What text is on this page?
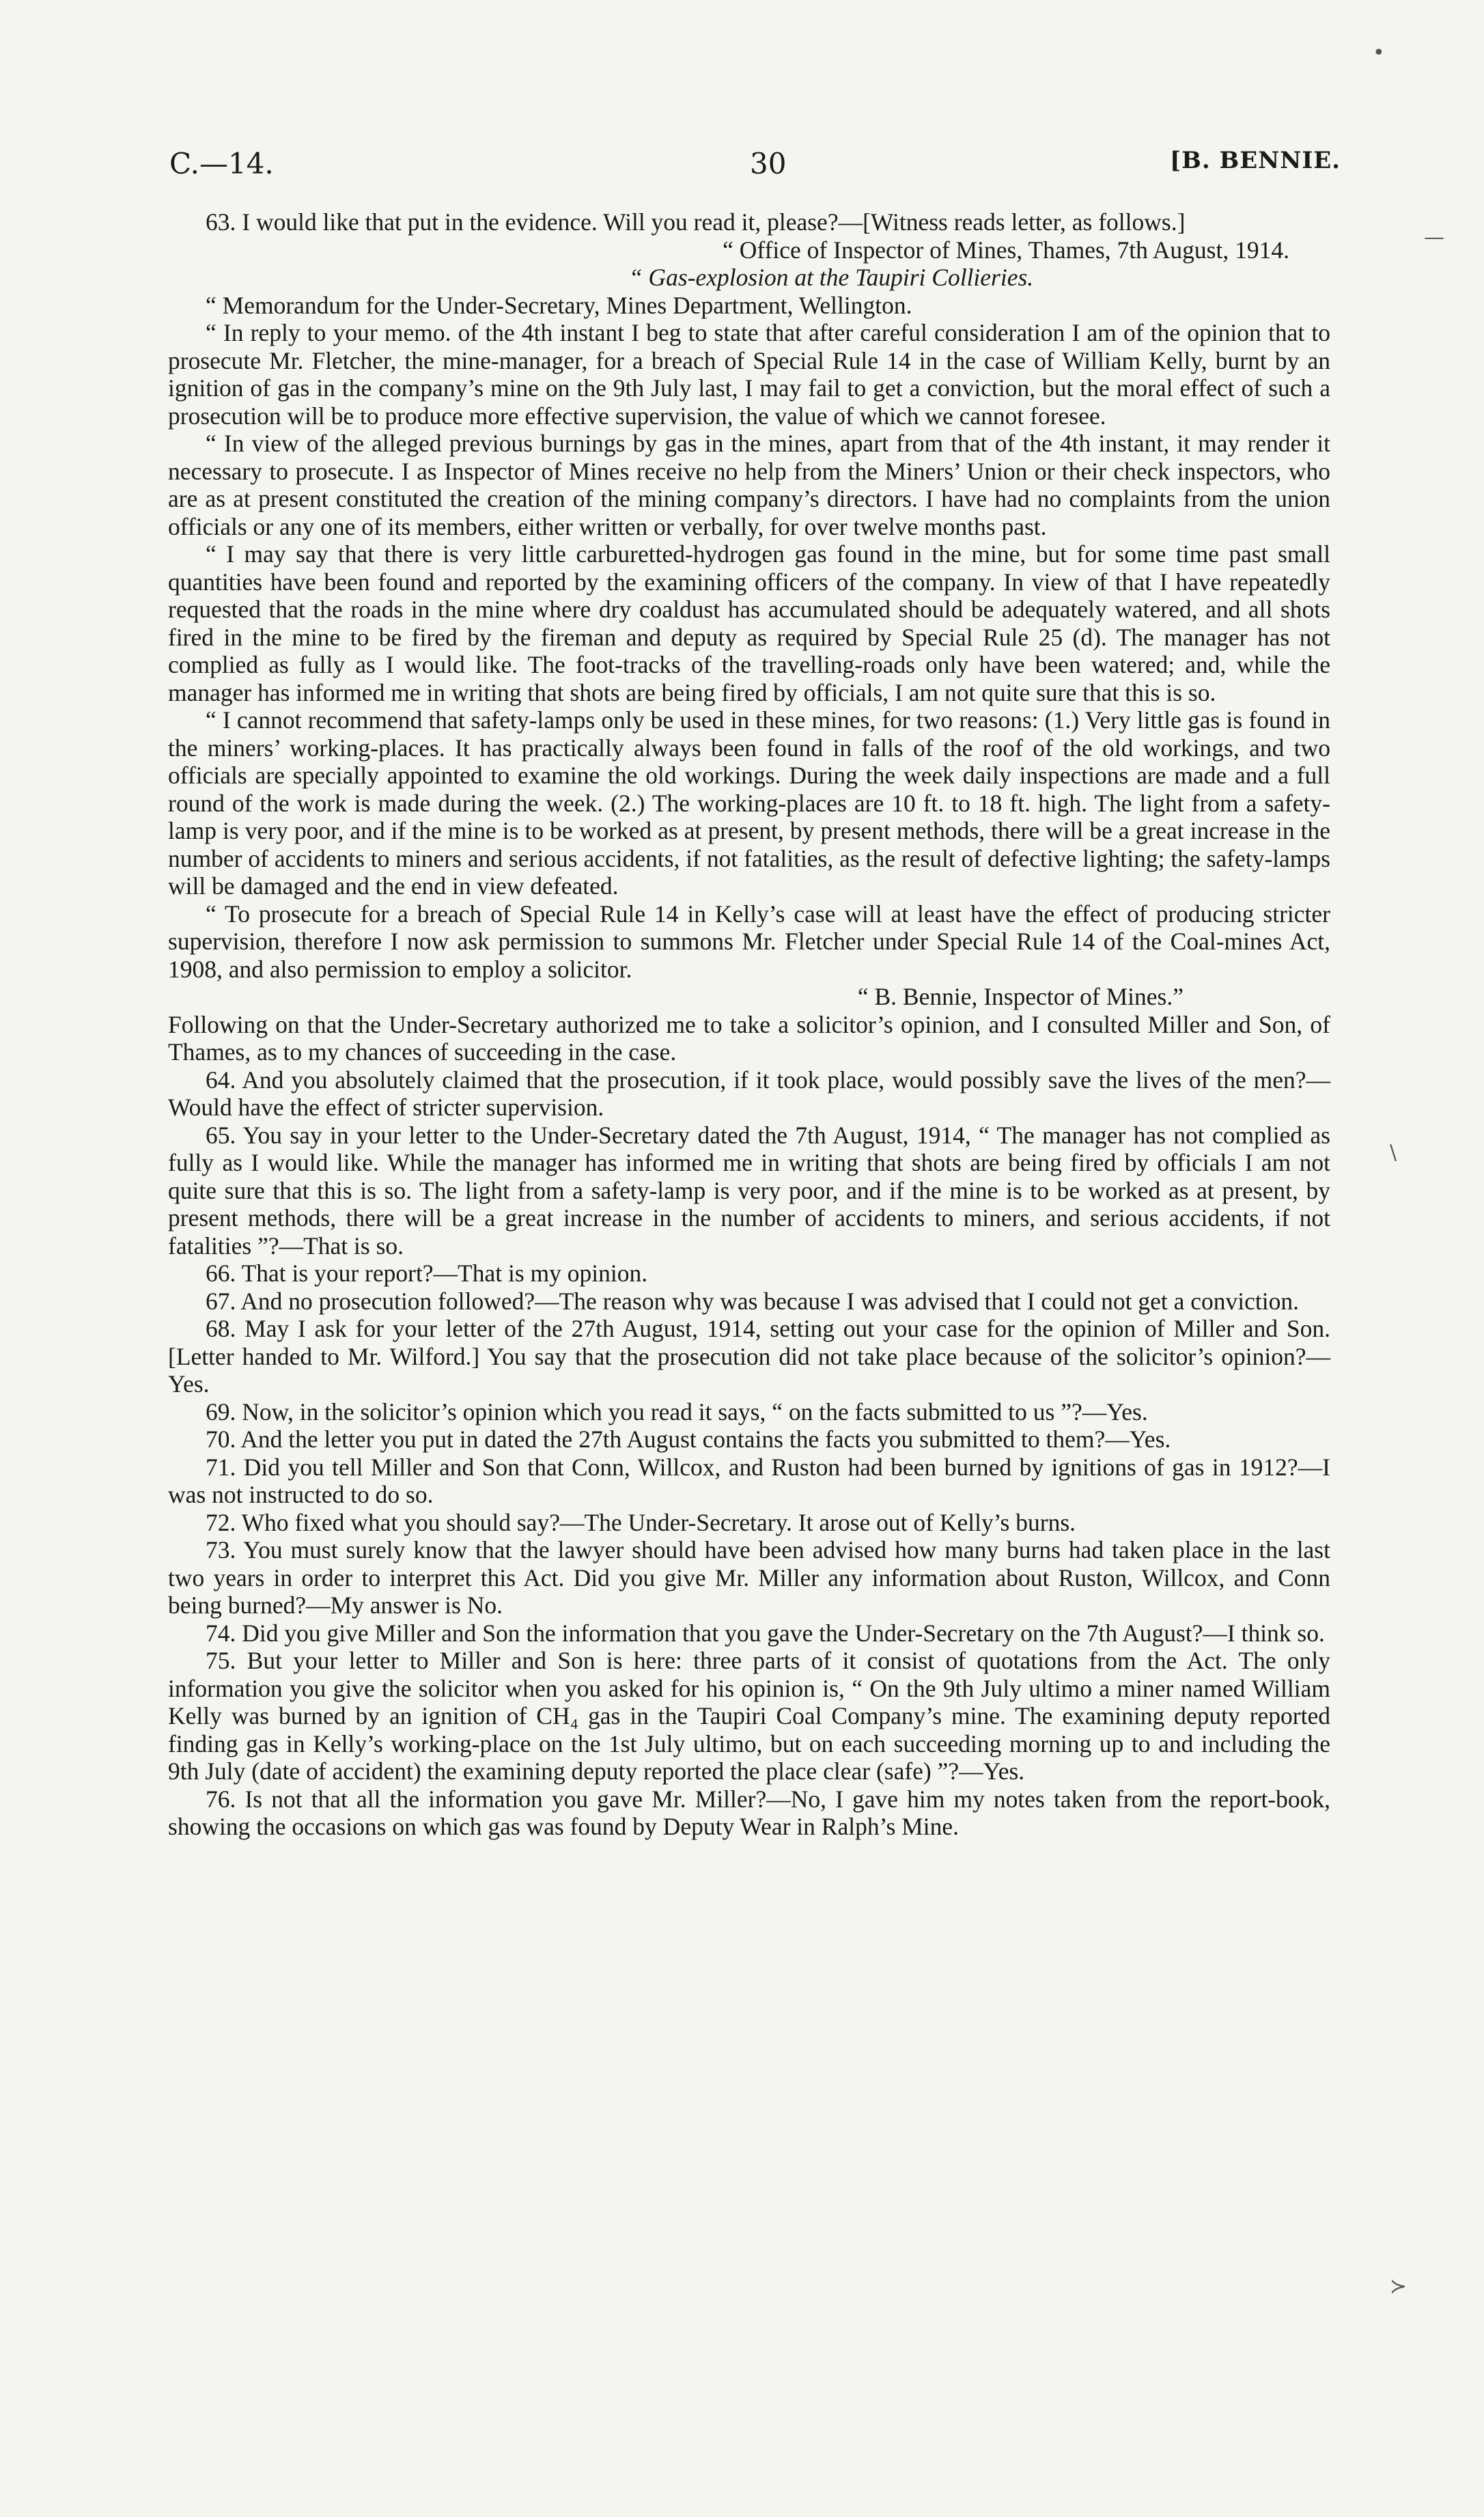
C.—14.	30	[B. BENNIE.

63. I would like that put in the evidence. Will you read it, please?—[Witness reads letter, as follows.]

“ Office of Inspector of Mines, Thames, 7th August, 1914.

“ Gas-explosion at the Taupiri Collieries.

“ Memorandum for the Under-Secretary, Mines Department, Wellington.

“ In reply to your memo. of the 4th instant I beg to state that after careful consideration I am of the opinion that to prosecute Mr. Fletcher, the mine-manager, for a breach of Special Rule 14 in the case of William Kelly, burnt by an ignition of gas in the company’s mine on the 9th July last, I may fail to get a conviction, but the moral effect of such a prosecution will be to produce more effective supervision, the value of which we cannot foresee.

“ In view of the alleged previous burnings by gas in the mines, apart from that of the 4th instant, it may render it necessary to prosecute. I as Inspector of Mines receive no help from the Miners’ Union or their check inspectors, who are as at present constituted the creation of the mining company’s directors. I have had no complaints from the union officials or any one of its members, either written or verbally, for over twelve months past.

“ I may say that there is very little carburetted-hydrogen gas found in the mine, but for some time past small quantities have been found and reported by the examining officers of the company. In view of that I have repeatedly requested that the roads in the mine where dry coaldust has accumulated should be adequately watered, and all shots fired in the mine to be fired by the fireman and deputy as required by Special Rule 25 (d). The manager has not complied as fully as I would like. The foot-tracks of the travelling-roads only have been watered; and, while the manager has informed me in writing that shots are being fired by officials, I am not quite sure that this is so.

“ I cannot recommend that safety-lamps only be used in these mines, for two reasons: (1.) Very little gas is found in the miners’ working-places. It has practically always been found in falls of the roof of the old workings, and two officials are specially appointed to examine the old workings. During the week daily inspections are made and a full round of the work is made during the week. (2.) The working-places are 10 ft. to 18 ft. high. The light from a safety-lamp is very poor, and if the mine is to be worked as at present, by present methods, there will be a great increase in the number of accidents to miners and serious accidents, if not fatalities, as the result of defective lighting; the safety-lamps will be damaged and the end in view defeated.

“ To prosecute for a breach of Special Rule 14 in Kelly’s case will at least have the effect of producing stricter supervision, therefore I now ask permission to summons Mr. Fletcher under Special Rule 14 of the Coal-mines Act, 1908, and also permission to employ a solicitor.

“ B. Bennie, Inspector of Mines.”

Following on that the Under-Secretary authorized me to take a solicitor’s opinion, and I consulted Miller and Son, of Thames, as to my chances of succeeding in the case.

64. And you absolutely claimed that the prosecution, if it took place, would possibly save the lives of the men?—Would have the effect of stricter supervision.

65. You say in your letter to the Under-Secretary dated the 7th August, 1914, “ The manager has not complied as fully as I would like. While the manager has informed me in writing that shots are being fired by officials I am not quite sure that this is so. The light from a safety-lamp is very poor, and if the mine is to be worked as at present, by present methods, there will be a great increase in the number of accidents to miners, and serious accidents, if not fatalities ”?—That is so.

66. That is your report?—That is my opinion.

67. And no prosecution followed?—The reason why was because I was advised that I could not get a conviction.

68. May I ask for your letter of the 27th August, 1914, setting out your case for the opinion of Miller and Son. [Letter handed to Mr. Wilford.] You say that the prosecution did not take place because of the solicitor’s opinion?—Yes.

69. Now, in the solicitor’s opinion which you read it says, “ on the facts submitted to us ”?—Yes.

70. And the letter you put in dated the 27th August contains the facts you submitted to them?—Yes.

71. Did you tell Miller and Son that Conn, Willcox, and Ruston had been burned by ignitions of gas in 1912?—I was not instructed to do so.

72. Who fixed what you should say?—The Under-Secretary. It arose out of Kelly’s burns.

73. You must surely know that the lawyer should have been advised how many burns had taken place in the last two years in order to interpret this Act. Did you give Mr. Miller any information about Ruston, Willcox, and Conn being burned?—My answer is No.

74. Did you give Miller and Son the information that you gave the Under-Secretary on the 7th August?—I think so.

75. But your letter to Miller and Son is here: three parts of it consist of quotations from the Act. The only information you give the solicitor when you asked for his opinion is, “ On the 9th July ultimo a miner named William Kelly was burned by an ignition of CH₄ gas in the Taupiri Coal Company’s mine. The examining deputy reported finding gas in Kelly’s working-place on the 1st July ultimo, but on each succeeding morning up to and including the 9th July (date of accident) the examining deputy reported the place clear (safe) ”?—Yes.

76. Is not that all the information you gave Mr. Miller?—No, I gave him my notes taken from the report-book, showing the occasions on which gas was found by Deputy Wear in Ralph’s Mine.

•
—
\
≻
